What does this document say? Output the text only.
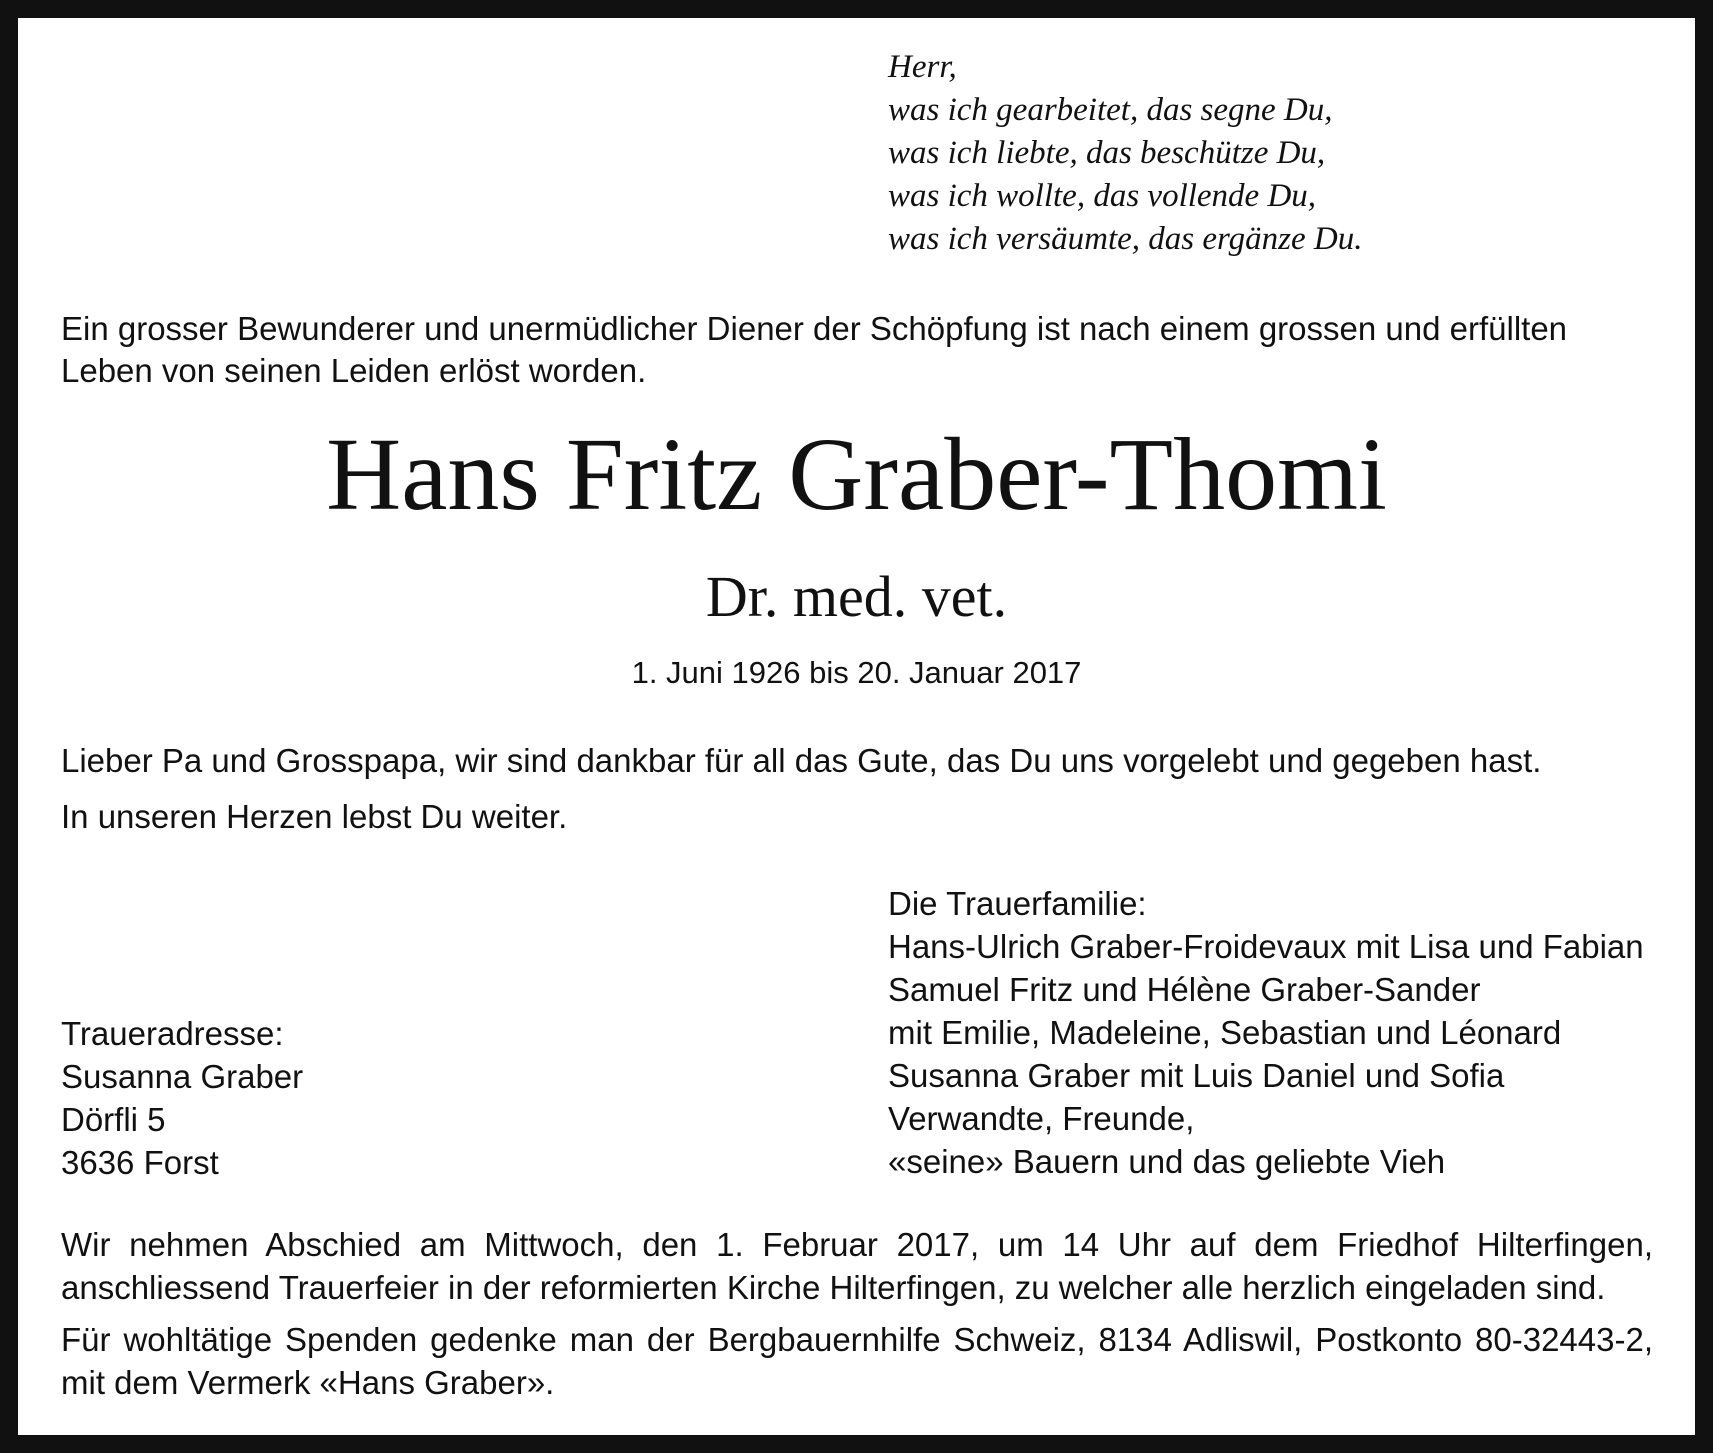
Herr,
was ich gearbeitet, das segne Du,
was ich liebte, das beschütze Du,
was ich wollte, das vollende Du,
was ich versäumte, das ergänze Du.
Ein grosser Bewunderer und unermüdlicher Diener der Schöpfung ist nach einem grossen und erfüllten Leben von seinen Leiden erlöst worden.
Hans Fritz Graber-Thomi
Dr. med. vet.
1. Juni 1926 bis 20. Januar 2017
Lieber Pa und Grosspapa, wir sind dankbar für all das Gute, das Du uns vorgelebt und gegeben hast.
In unseren Herzen lebst Du weiter.
Die Trauerfamilie:
Hans-Ulrich Graber-Froidevaux mit Lisa und Fabian
Samuel Fritz und Hélène Graber-Sander
mit Emilie, Madeleine, Sebastian und Léonard
Susanna Graber mit Luis Daniel und Sofia
Verwandte, Freunde,
«seine» Bauern und das geliebte Vieh
Traueradresse:
Susanna Graber
Dörfli 5
3636 Forst
Wir nehmen Abschied am Mittwoch, den 1. Februar 2017, um 14 Uhr auf dem Friedhof Hilterfingen, anschliessend Trauerfeier in der reformierten Kirche Hilterfingen, zu welcher alle herzlich eingeladen sind.
Für wohltätige Spenden gedenke man der Bergbauernhilfe Schweiz, 8134 Adliswil, Postkonto 80-32443-2, mit dem Vermerk «Hans Graber».
